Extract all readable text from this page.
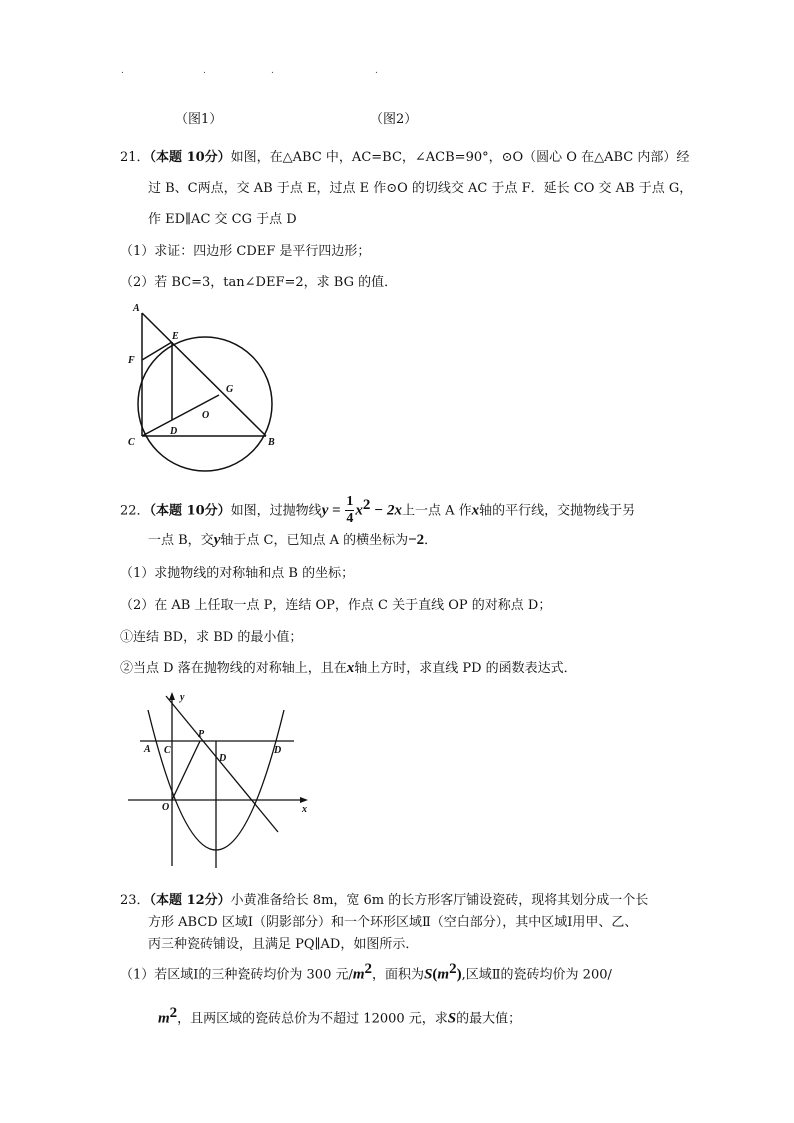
.	.	.	.
（图1）	（图2）
21．（本题 10分）如图，在△ABC 中，AC=BC，∠ACB=90°，⊙O（圆心 O 在△ABC 内部）经
过 B、C两点，交 AB 于点 E，过点 E 作⊙O 的切线交 AC 于点 F．延长 CO 交 AB 于点 G，
作 ED∥AC 交 CG 于点 D
（1）求证：四边形 CDEF 是平行四边形；
（2）若 BC=3，tan∠DEF=2，求 BG 的值．
A
E
F
G
O
D
C	B
22．（本题 10分）如图，过抛物线$y = \frac{1}{4} x^2 - 2x$上一点 A 作x轴的平行线，交抛物线于另
一点 B，交y轴于点 C，已知点 A 的横坐标为−2．
（1）求抛物线的对称轴和点 B 的坐标；
（2）在 AB 上任取一点 P，连结 OP，作点 C 关于直线 OP 的对称点 D；
①连结 BD，求 BD 的最小值；
②当点 D 落在抛物线的对称轴上，且在x轴上方时，求直线 PD 的函数表达式．
y
x
A C
P
D
D
O
23．（本题 12分）小黄准备给长 8m，宽 6m 的长方形客厅铺设瓷砖，现将其划分成一个长
方形 ABCD 区域Ⅰ（阴影部分）和一个环形区域Ⅱ（空白部分），其中区域Ⅰ用甲、乙、
丙三种瓷砖铺设，且满足 PQ∥AD，如图所示．
（1）若区域Ⅰ的三种瓷砖均价为 300 元$/m^2$，面积为$S(m^2)$,区域Ⅱ的瓷砖均价为 200/
$m^2$，且两区域的瓷砖总价为不超过 12000 元，求S的最大值；
